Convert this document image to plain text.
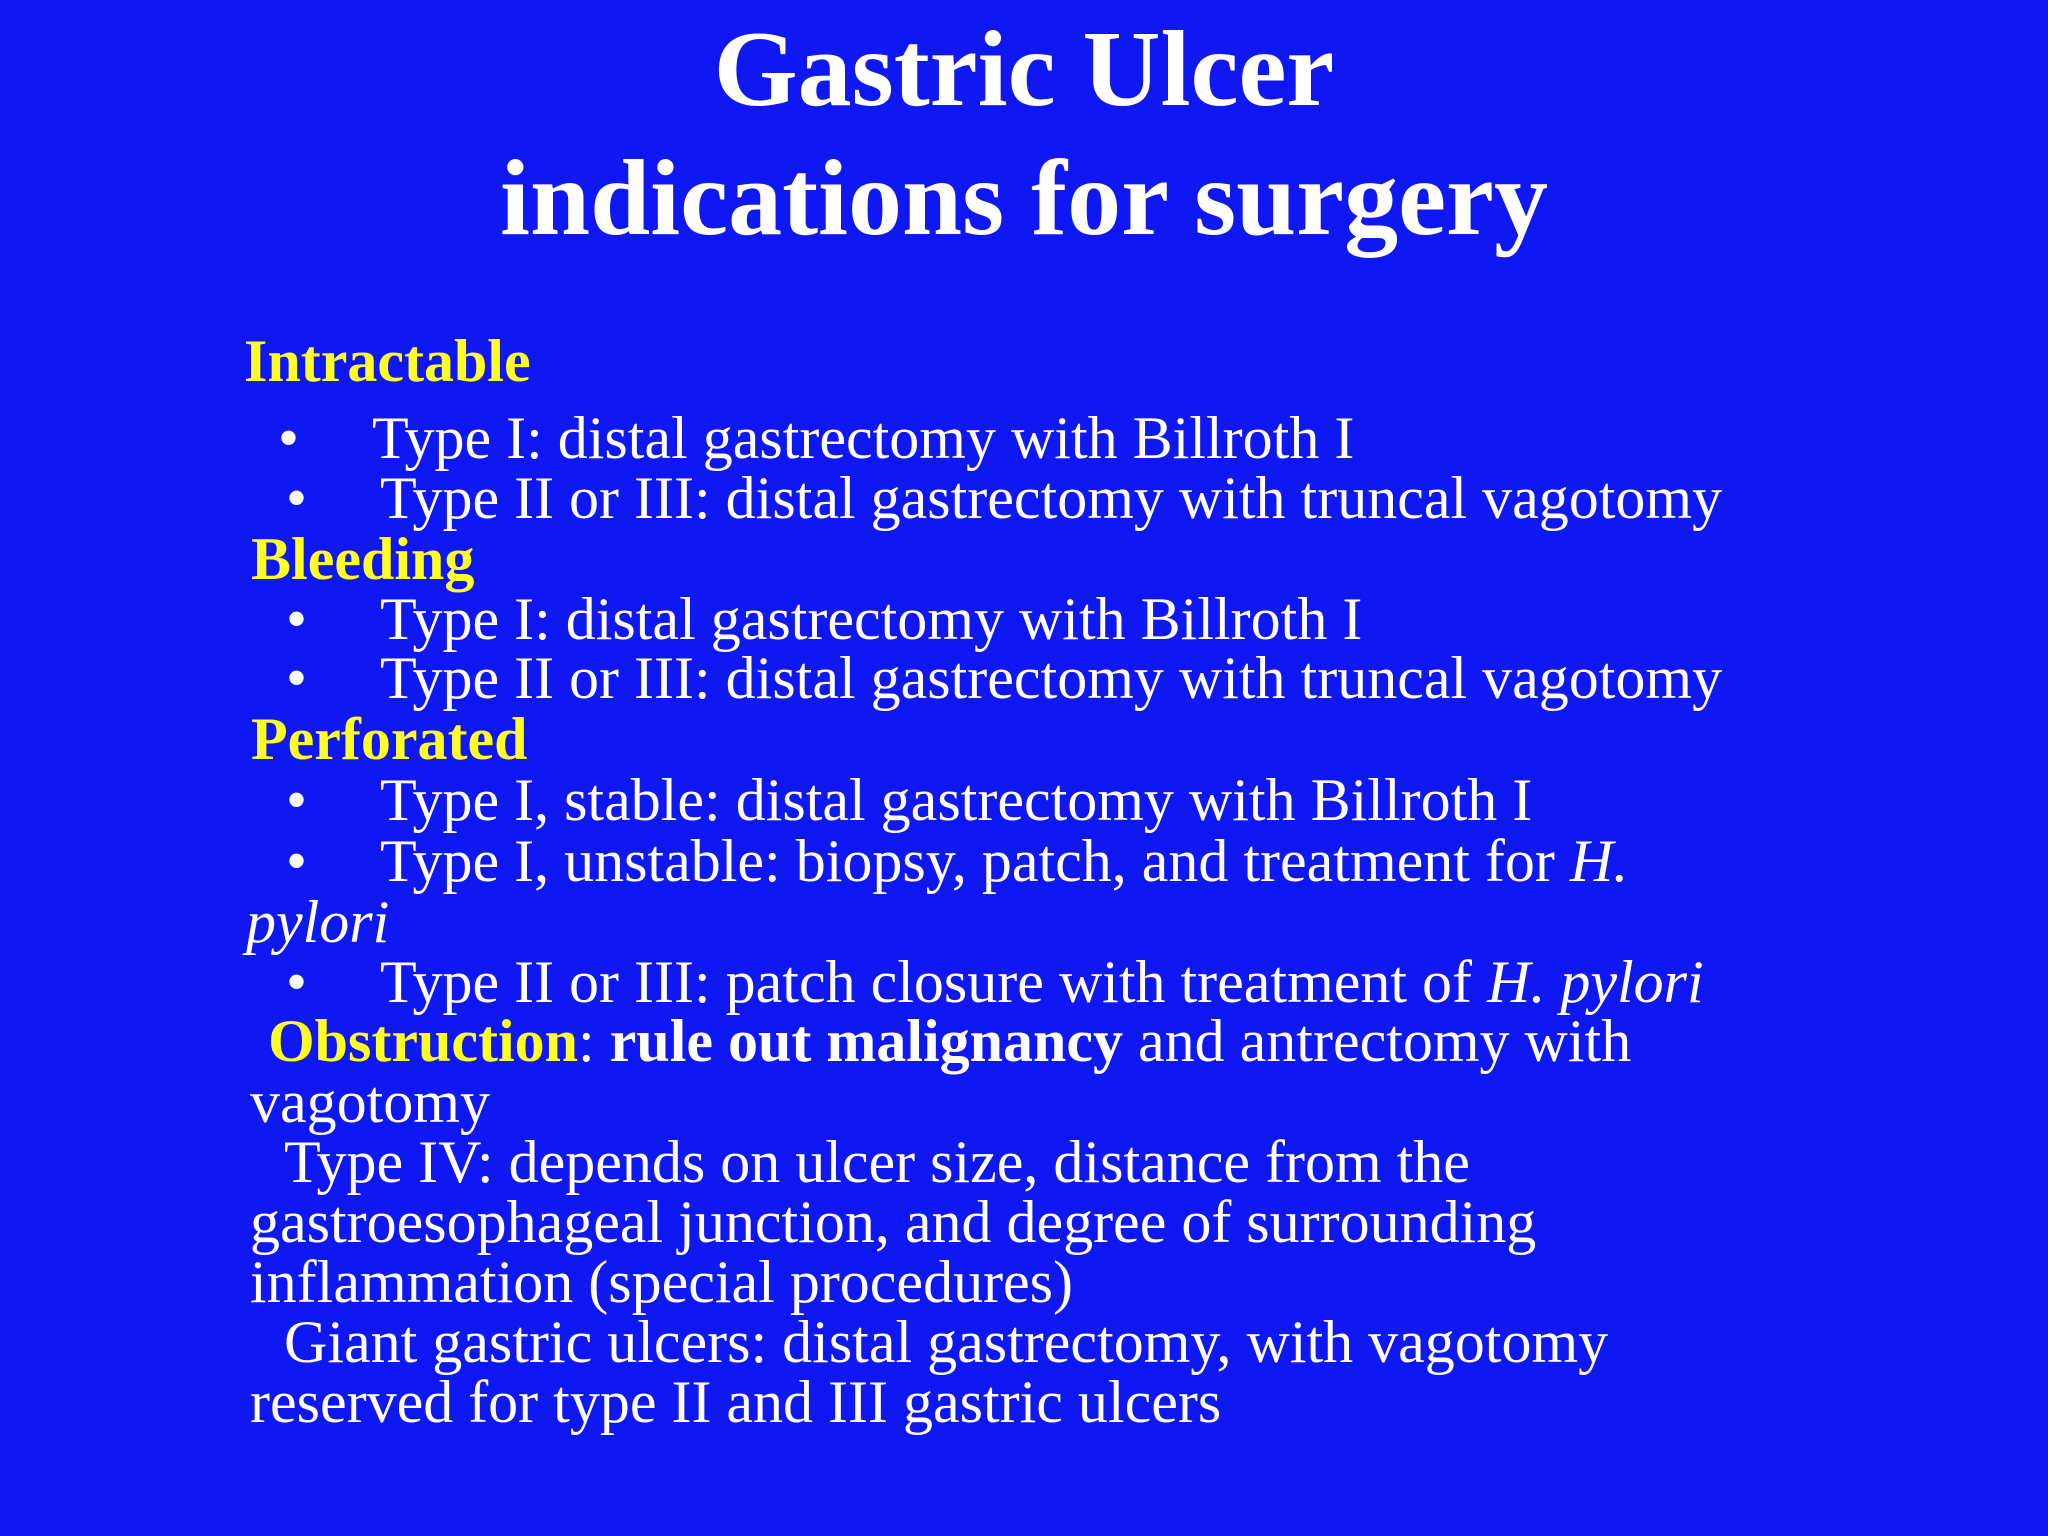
Gastric Ulcer
indications for surgery
Intractable
• Type I: distal gastrectomy with Billroth I
• Type II or III: distal gastrectomy with truncal vagotomy
Bleeding
• Type I: distal gastrectomy with Billroth I
• Type II or III: distal gastrectomy with truncal vagotomy
Perforated
• Type I, stable: distal gastrectomy with Billroth I
• Type I, unstable: biopsy, patch, and treatment for H.
pylori
• Type II or III: patch closure with treatment of H. pylori
Obstruction: rule out malignancy and antrectomy with
vagotomy
Type IV: depends on ulcer size, distance from the
gastroesophageal junction, and degree of surrounding
inflammation (special procedures)
Giant gastric ulcers: distal gastrectomy, with vagotomy
reserved for type II and III gastric ulcers
